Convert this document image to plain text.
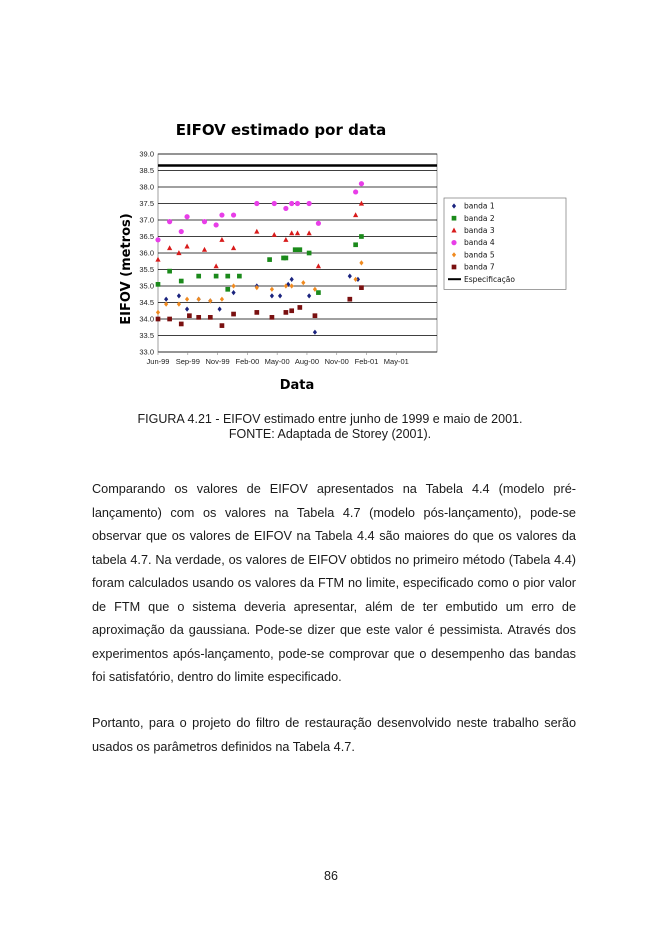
EIFOV estimado por data
33.0
33.5
34.0
34.5
35.0
35.5
36.0
36.5
37.0
37.5
38.0
38.5
39.0
Jun-99 Sep-99 Nov-99 Feb-00 May-00 Aug-00 Nov-00 Feb-01 May-01
Data
EIFOV (metros)
banda 1
banda 2
banda 3
banda 4
banda 5
banda 7
Especificação
FIGURA 4.21 - EIFOV estimado entre junho de 1999 e maio de 2001.
FONTE: Adaptada de Storey (2001).

Comparando os valores de EIFOV apresentados na Tabela 4.4 (modelo pré-lançamento) com os valores na Tabela 4.7 (modelo pós-lançamento), pode-se observar que os valores de EIFOV na Tabela 4.4 são maiores do que os valores da tabela 4.7. Na verdade, os valores de EIFOV obtidos no primeiro método (Tabela 4.4) foram calculados usando os valores da FTM no limite, especificado como o pior valor de FTM que o sistema deveria apresentar, além de ter embutido um erro de aproximação da gaussiana. Pode-se dizer que este valor é pessimista. Através dos experimentos após-lançamento, pode-se comprovar que o desempenho das bandas foi satisfatório, dentro do limite especificado.

Portanto, para o projeto do filtro de restauração desenvolvido neste trabalho serão usados os parâmetros definidos na Tabela 4.7.

86
